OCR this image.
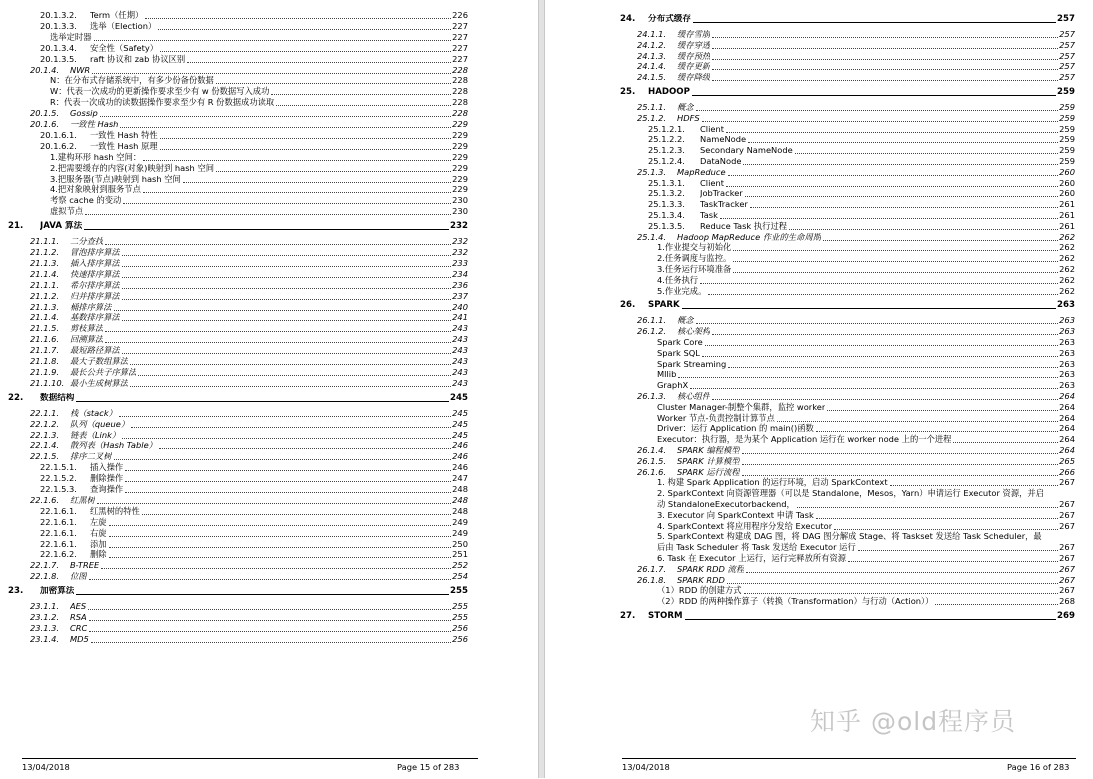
20.1.3.2.	Term（任期）	226
20.1.3.3.	选举（Election）	227
选举定时器	227
20.1.3.4.	安全性（Safety）	227
20.1.3.5.	raft 协议和 zab 协议区别	227
20.1.4.	NWR	228
N：在分布式存储系统中，有多少份备份数据	228
W：代表一次成功的更新操作要求至少有 w 份数据写入成功	228
R：代表一次成功的读数据操作要求至少有 R 份数据成功读取	228
20.1.5.	Gossip	228
20.1.6.	一致性 Hash	229
20.1.6.1.	一致性 Hash 特性	229
20.1.6.2.	一致性 Hash 原理	229
1.建构环形 hash 空间：	229
2.把需要缓存的内容(对象)映射到 hash 空间	229
3.把服务器(节点)映射到 hash 空间	229
4.把对象映射到服务节点	229
考察 cache 的变动	230
虚拟节点	230
21.	JAVA 算法	232
21.1.1.	二分查找	232
21.1.2.	冒泡排序算法	232
21.1.3.	插入排序算法	233
21.1.4.	快速排序算法	234
21.1.1.	希尔排序算法	236
21.1.2.	归并排序算法	237
21.1.3.	桶排序算法	240
21.1.4.	基数排序算法	241
21.1.5.	剪枝算法	243
21.1.6.	回溯算法	243
21.1.7.	最短路径算法	243
21.1.8.	最大子数组算法	243
21.1.9.	最长公共子序算法	243
21.1.10. 最小生成树算法	243
22.	数据结构	245
22.1.1.	栈（stack）	245
22.1.2.	队列（queue）	245
22.1.3.	链表（Link）	245
22.1.4.	散列表（Hash Table）	246
22.1.5.	排序二叉树	246
22.1.5.1.	插入操作	246
22.1.5.2.	删除操作	247
22.1.5.3.	查询操作	248
22.1.6.	红黑树	248
22.1.6.1.	红黑树的特性	248
22.1.6.1.	左旋	249
22.1.6.1.	右旋	249
22.1.6.1.	添加	250
22.1.6.2.	删除	251
22.1.7.	B-TREE	252
22.1.8.	位图	254
23.	加密算法	255
23.1.1.	AES	255
23.1.2.	RSA	255
23.1.3.	CRC	256
23.1.4.	MD5	256
13/04/2018	Page 15 of 283
24.	分布式缓存	257
24.1.1.	缓存雪崩	257
24.1.2.	缓存穿透	257
24.1.3.	缓存预热	257
24.1.4.	缓存更新	257
24.1.5.	缓存降级	257
25.	HADOOP	259
25.1.1.	概念	259
25.1.2.	HDFS	259
25.1.2.1.	Client	259
25.1.2.2.	NameNode	259
25.1.2.3.	Secondary NameNode	259
25.1.2.4.	DataNode	259
25.1.3.	MapReduce	260
25.1.3.1.	Client	260
25.1.3.2.	JobTracker	260
25.1.3.3.	TaskTracker	261
25.1.3.4.	Task	261
25.1.3.5.	Reduce Task 执行过程	261
25.1.4.	Hadoop MapReduce 作业的生命周期	262
1.作业提交与初始化	262
2.任务调度与监控。	262
3.任务运行环境准备	262
4.任务执行	262
5.作业完成。	262
26.	SPARK	263
26.1.1.	概念	263
26.1.2.	核心架构	263
Spark Core	263
Spark SQL	263
Spark Streaming	263
Mllib	263
GraphX	263
26.1.3.	核心组件	264
Cluster Manager-制整个集群，监控 worker	264
Worker 节点-负责控制计算节点	264
Driver：运行 Application 的 main()函数	264
Executor：执行器，是为某个 Application 运行在 worker node 上的一个进程	264
26.1.4.	SPARK 编程模型	264
26.1.5.	SPARK 计算模型	265
26.1.6.	SPARK 运行流程	266
1. 构建 Spark Application 的运行环境，启动 SparkContext	267
2. SparkContext 向资源管理器（可以是 Standalone，Mesos，Yarn）申请运行 Executor 资源，并启
动 StandaloneExecutorbackend，	267
3. Executor 向 SparkContext 申请 Task	267
4. SparkContext 将应用程序分发给 Executor	267
5. SparkContext 构建成 DAG 图，将 DAG 图分解成 Stage、将 Taskset 发送给 Task Scheduler，最
后由 Task Scheduler 将 Task 发送给 Executor 运行	267
6. Task 在 Executor 上运行，运行完释放所有资源	267
26.1.7.	SPARK RDD 流程	267
26.1.8.	SPARK RDD	267
（1）RDD 的创建方式	267
（2）RDD 的两种操作算子（转换（Transformation）与行动（Action））	268
27.	STORM	269
13/04/2018	Page 16 of 283
知乎 @old程序员
